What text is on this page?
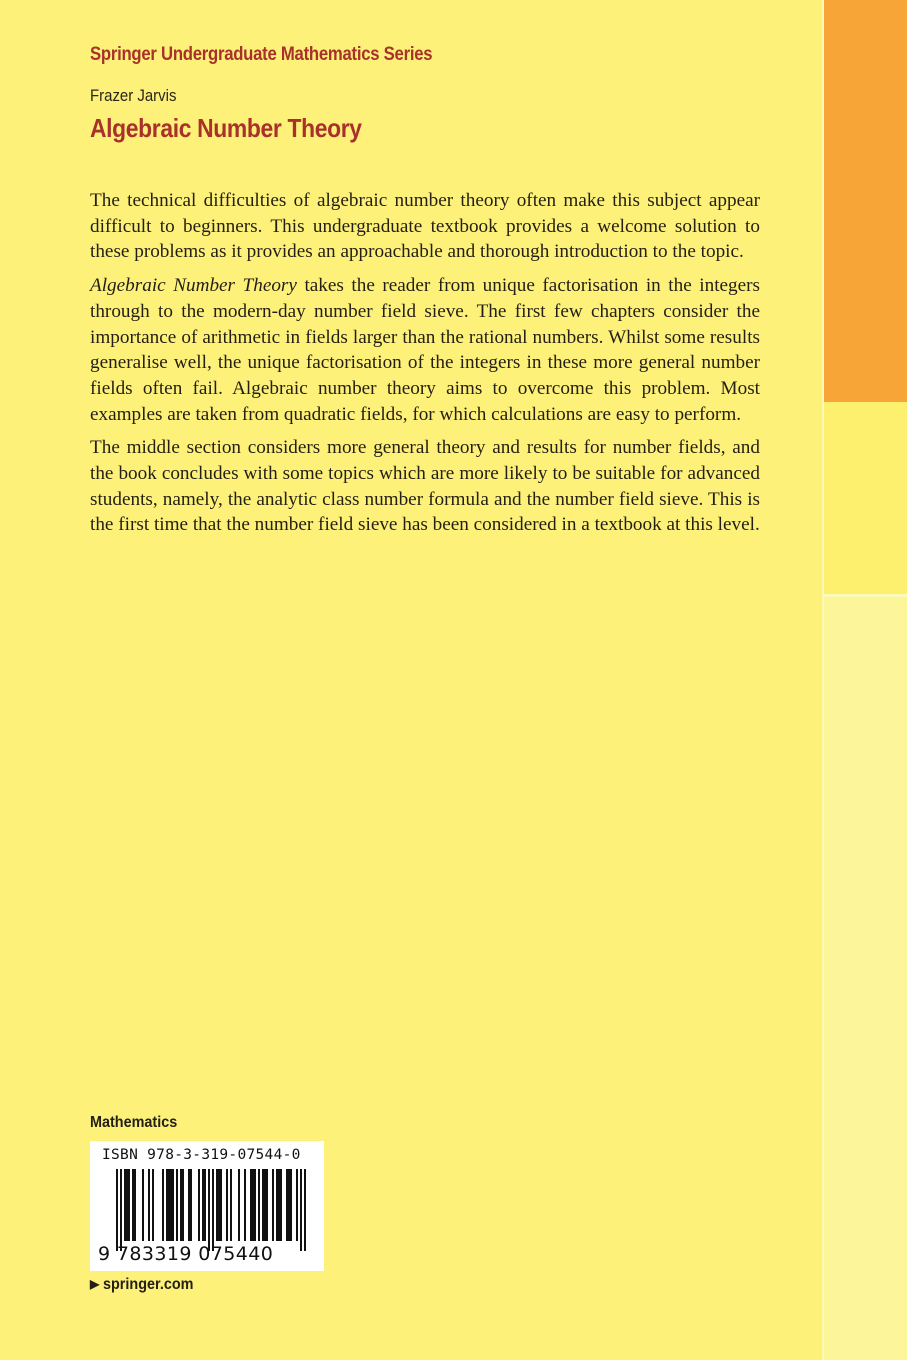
Springer Undergraduate Mathematics Series
Frazer Jarvis
Algebraic Number Theory

The technical difficulties of algebraic number theory often make this subject appear difficult to beginners. This undergraduate textbook provides a welcome solution to these problems as it provides an approachable and thorough introduction to the topic.

Algebraic Number Theory takes the reader from unique factorisation in the integers through to the modern-day number field sieve. The first few chapters consider the importance of arithmetic in fields larger than the rational numbers. Whilst some results generalise well, the unique factorisation of the integers in these more general number fields often fail. Algebraic number theory aims to overcome this problem. Most examples are taken from quadratic fields, for which calculations are easy to perform.

The middle section considers more general theory and results for number fields, and the book concludes with some topics which are more likely to be suitable for advanced students, namely, the analytic class number formula and the number field sieve. This is the first time that the number field sieve has been considered in a textbook at this level.

Mathematics
ISBN 978-3-319-07544-0
9 783319 075440
▶ springer.com
